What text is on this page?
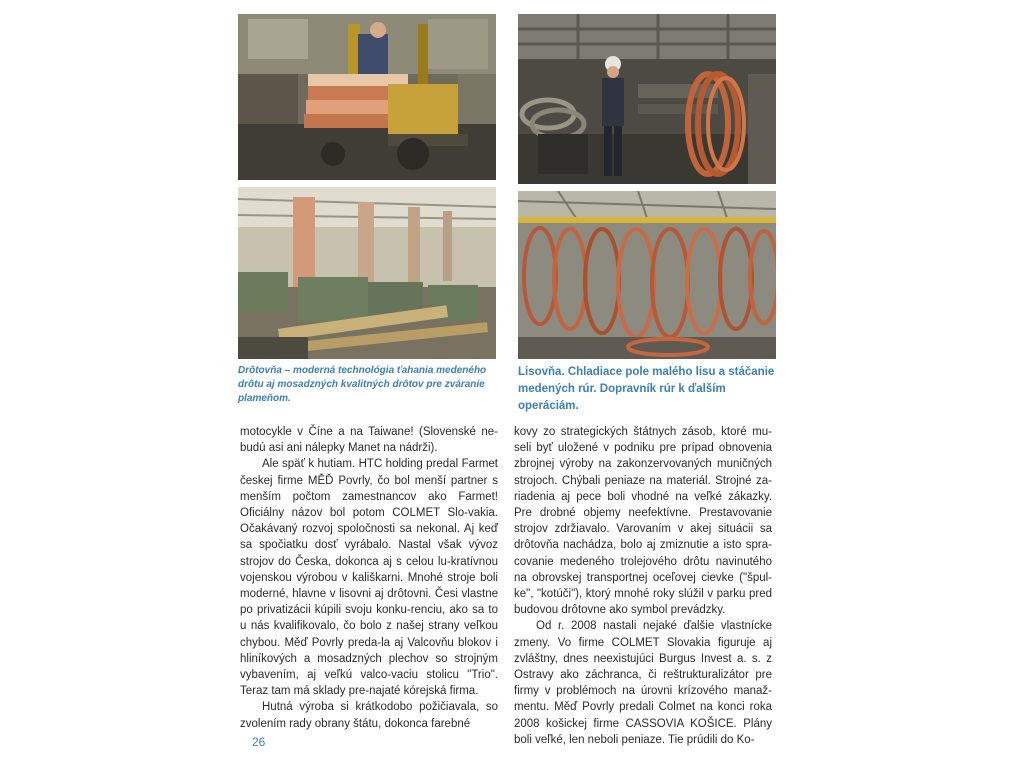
Drôtovňa – moderná technológia ťahania medeného drôtu aj mosadzných kvalitných drôtov pre zváranie plameňom.
Lisovňa. Chladiace pole malého lisu a stáčanie medených rúr. Dopravník rúr k ďalším operáciám.

motocykle v Číne a na Taiwane! (Slovenské ne-budú asi ani nálepky Manet na nádrži).

Ale späť k hutiam. HTC holding predal Farmet českej firme MĚĎ Povrly, čo bol menší partner s menším počtom zamestnancov ako Farmet! Oficiálny názov bol potom COLMET Slo-vakia. Očakávaný rozvoj spoločnosti sa nekonal. Aj keď sa spočiatku dosť vyrábalo. Nastal však vývoz strojov do Česka, dokonca aj s celou lu-kratívnou vojenskou výrobou v kališkarni. Mnohé stroje boli moderné, hlavne v lisovni aj drôtovni. Česi vlastne po privatizácii kúpili svoju konku-renciu, ako sa to u nás kvalifikovalo, čo bolo z našej strany veľkou chybou. Měď Povrly preda-la aj Valcovňu blokov i hliníkových a mosadzných plechov so strojným vybavením, aj veľkú valco-vaciu stolicu "Trio". Teraz tam má sklady pre-najaté kórejská firma.

Hutná výroba si krátkodobo požičiavala, so zvolením rady obrany štátu, dokonca farebné

kovy zo strategických štátnych zásob, ktoré mu-seli byť uložené v podniku pre prípad obnovenia zbrojnej výroby na zakonzervovaných muničných strojoch. Chýbali peniaze na materiál. Strojné za-riadenia aj pece boli vhodné na veľké zákazky. Pre drobné objemy neefektívne. Prestavovanie strojov zdržiavalo. Varovaním v akej situácii sa drôtovňa nachádza, bolo aj zmiznutie a isto spra-covanie medeného trolejového drôtu navinutého na obrovskej transportnej oceľovej cievke ("špul-ke", "kotúči"), ktorý mnohé roky slúžil v parku pred budovou drôtovne ako symbol prevádzky.

Od r. 2008 nastali nejaké ďalšie vlastnícke zmeny. Vo firme COLMET Slovakia figuruje aj zvláštny, dnes neexistujúci Burgus Invest a. s. z Ostravy ako záchranca, či reštrukturalizátor pre firmy v problémoch na úrovni krízového manaž-mentu. Měď Povrly predali Colmet na konci roka 2008 košickej firme CASSOVIA KOŠICE. Plány boli veľké, len neboli peniaze. Tie prúdili do Ko-

26
